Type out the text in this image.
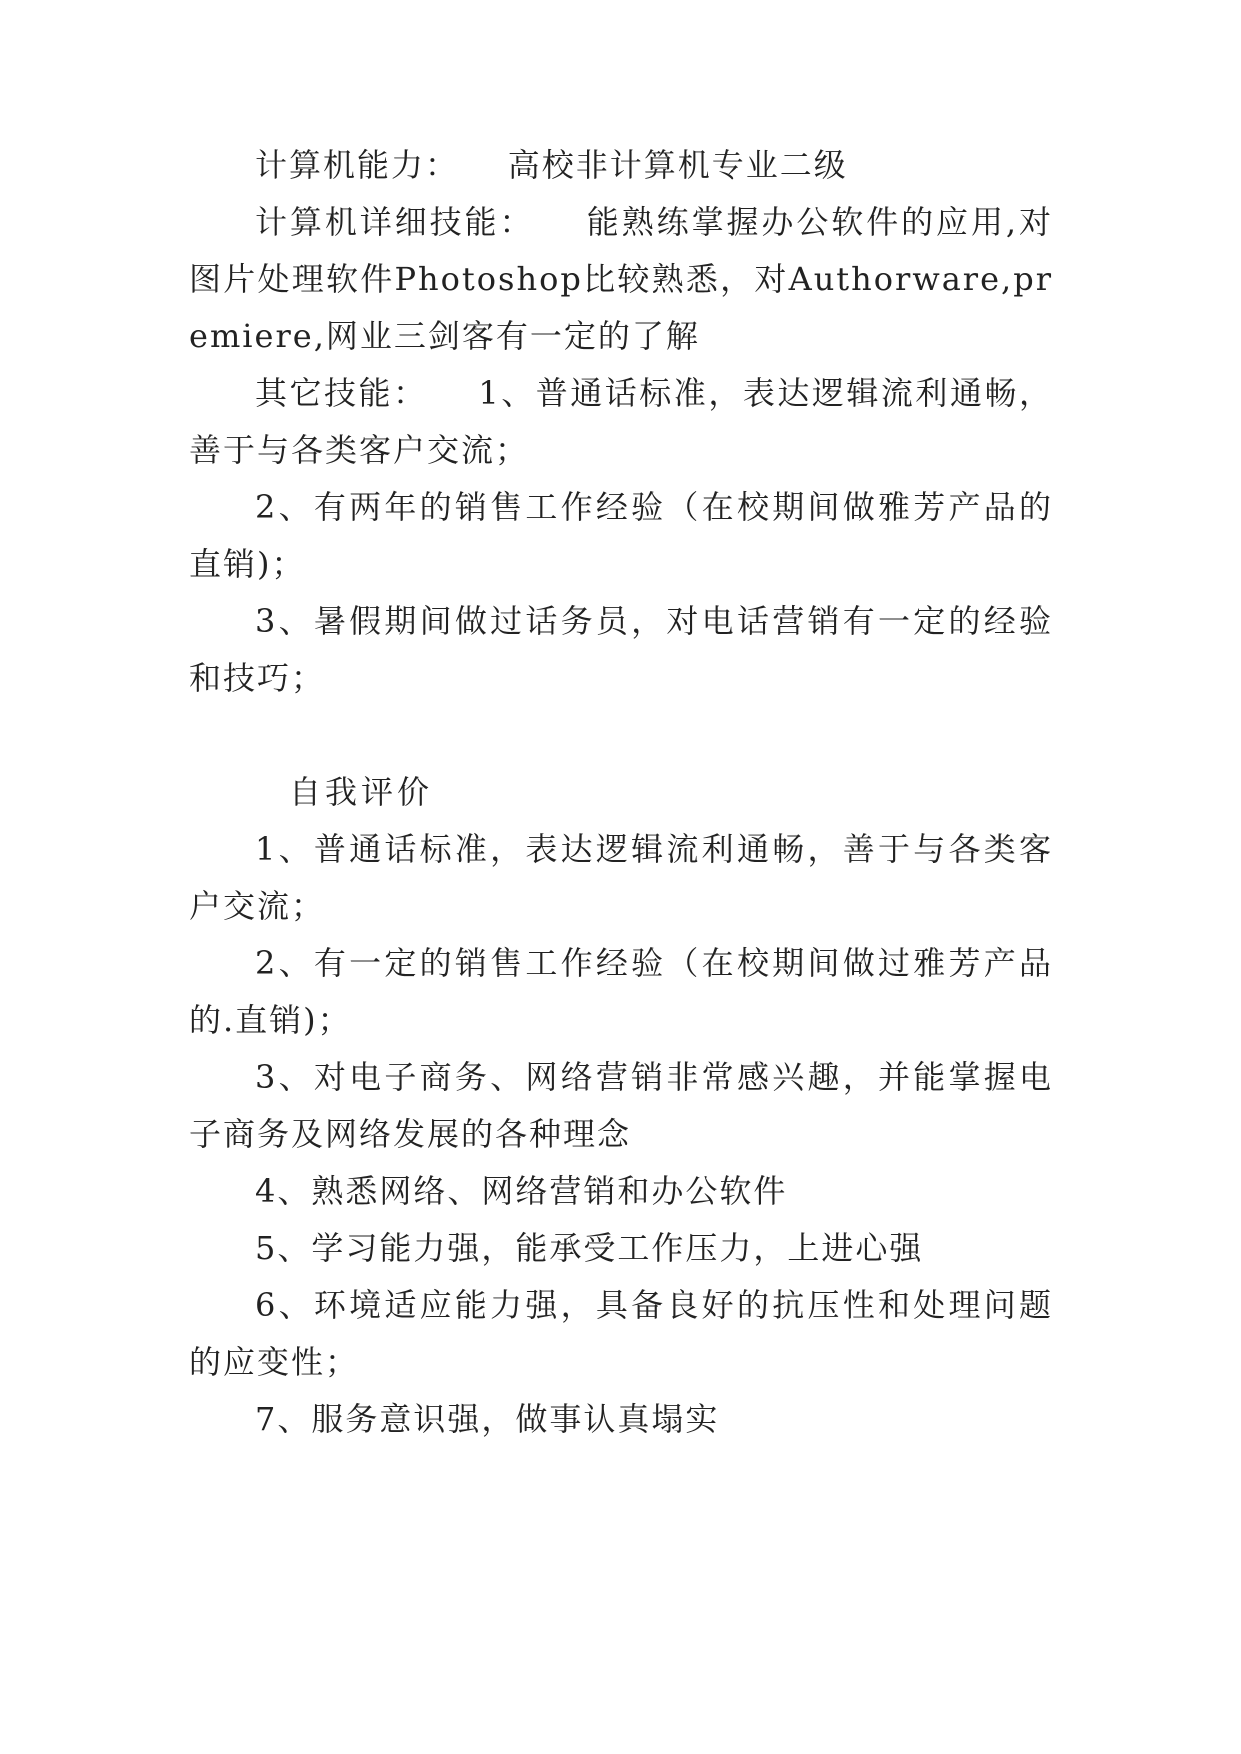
计算机能力：    高校非计算机专业二级

计算机详细技能：    能熟练掌握办公软件的应用,对图片处理软件Photoshop比较熟悉，对Authorware,premiere,网业三剑客有一定的了解

其它技能：    1、普通话标准，表达逻辑流利通畅，善于与各类客户交流；

2、有两年的销售工作经验（在校期间做雅芳产品的直销)；

3、暑假期间做过话务员，对电话营销有一定的经验和技巧；

自我评价

1、普通话标准，表达逻辑流利通畅，善于与各类客户交流；

2、有一定的销售工作经验（在校期间做过雅芳产品的.直销)；

3、对电子商务、网络营销非常感兴趣，并能掌握电子商务及网络发展的各种理念

4、熟悉网络、网络营销和办公软件

5、学习能力强，能承受工作压力，上进心强

6、环境适应能力强，具备良好的抗压性和处理问题的应变性；

7、服务意识强，做事认真塌实
